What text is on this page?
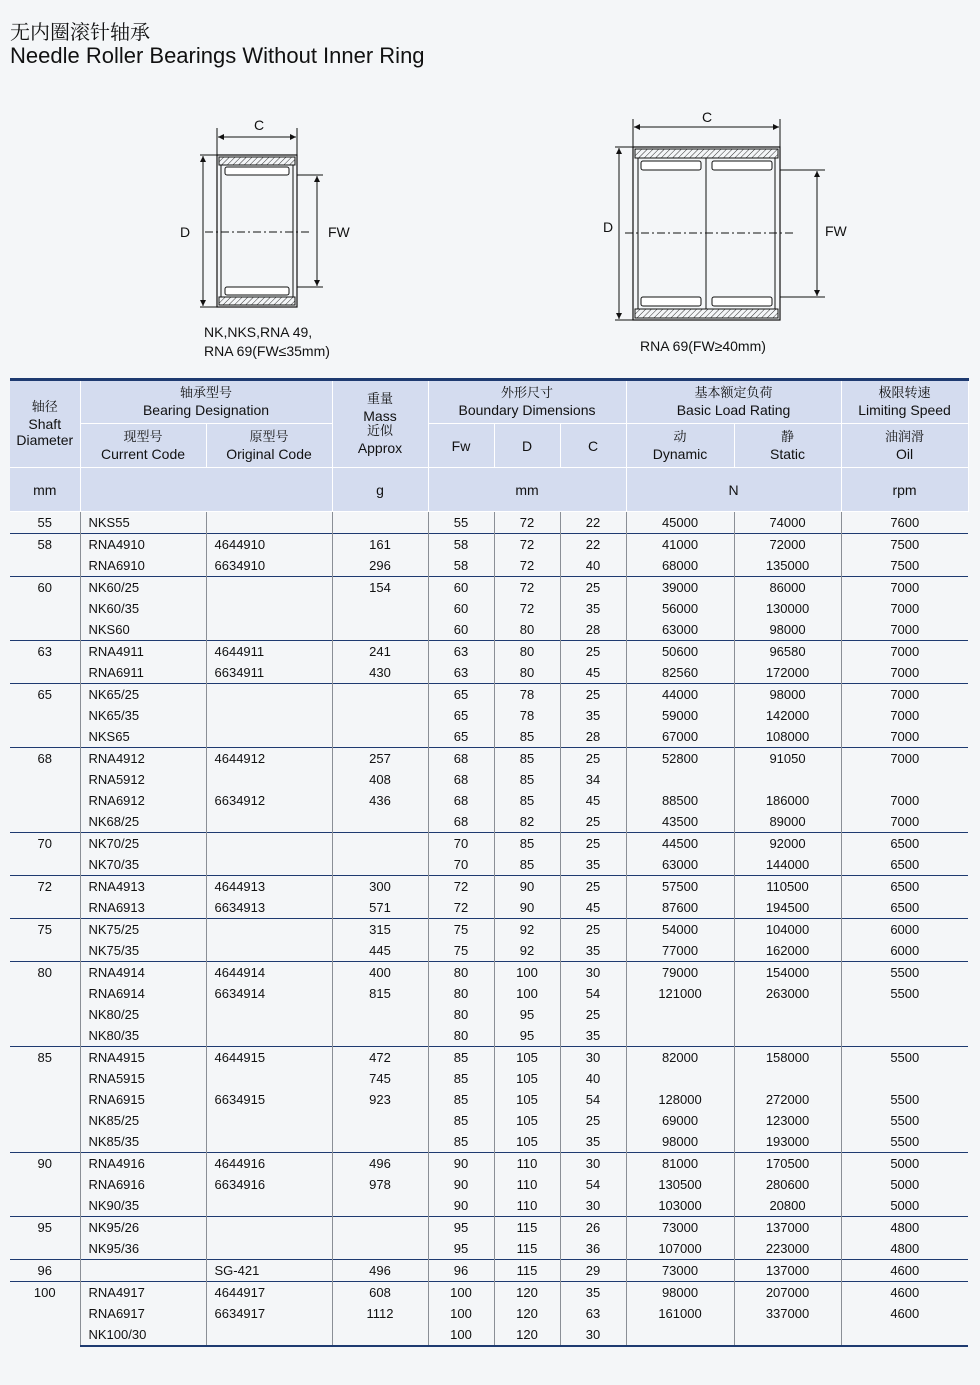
无内圈滚针轴承
Needle Roller Bearings Without Inner Ring
C
D	FW
NK,NKS,RNA 49,
RNA 69(FW≤35mm)
C
D	FW
RNA 69(FW≥40mm)
轴径
Shaft Diameter	轴承型号
Bearing Designation		重量
Mass
近似
Approx	外形尺寸
Boundary Dimensions			基本额定负荷
Basic Load Rating		极限转速
Limiting Speed

	现型号
Current Code	原型号
Original Code		Fw	D	C	动
Dynamic	静
Static	油润滑
Oil

mm			g	mm			N		rpm
55	NKS55			55	72	22	45000	74000	7600
58	RNA4910	4644910	161	58	72	22	41000	72000	7500
	RNA6910	6634910	296	58	72	40	68000	135000	7500
60	NK60/25		154	60	72	25	39000	86000	7000
	NK60/35			60	72	35	56000	130000	7000
	NKS60			60	80	28	63000	98000	7000
63	RNA4911	4644911	241	63	80	25	50600	96580	7000
	RNA6911	6634911	430	63	80	45	82560	172000	7000
65	NK65/25			65	78	25	44000	98000	7000
	NK65/35			65	78	35	59000	142000	7000
	NKS65			65	85	28	67000	108000	7000
68	RNA4912	4644912	257	68	85	25	52800	91050	7000
	RNA5912		408	68	85	34			
	RNA6912	6634912	436	68	85	45	88500	186000	7000
	NK68/25			68	82	25	43500	89000	7000
70	NK70/25			70	85	25	44500	92000	6500
	NK70/35			70	85	35	63000	144000	6500
72	RNA4913	4644913	300	72	90	25	57500	110500	6500
	RNA6913	6634913	571	72	90	45	87600	194500	6500
75	NK75/25		315	75	92	25	54000	104000	6000
	NK75/35		445	75	92	35	77000	162000	6000
80	RNA4914	4644914	400	80	100	30	79000	154000	5500
	RNA6914	6634914	815	80	100	54	121000	263000	5500
	NK80/25			80	95	25			
	NK80/35			80	95	35			
85	RNA4915	4644915	472	85	105	30	82000	158000	5500
	RNA5915		745	85	105	40			
	RNA6915	6634915	923	85	105	54	128000	272000	5500
	NK85/25			85	105	25	69000	123000	5500
	NK85/35			85	105	35	98000	193000	5500
90	RNA4916	4644916	496	90	110	30	81000	170500	5000
	RNA6916	6634916	978	90	110	54	130500	280600	5000
	NK90/35			90	110	30	103000	20800	5000
95	NK95/26			95	115	26	73000	137000	4800
	NK95/36			95	115	36	107000	223000	4800
96		SG-421	496	96	115	29	73000	137000	4600
100	RNA4917	4644917	608	100	120	35	98000	207000	4600
	RNA6917	6634917	1112	100	120	63	161000	337000	4600
	NK100/30			100	120	30			
